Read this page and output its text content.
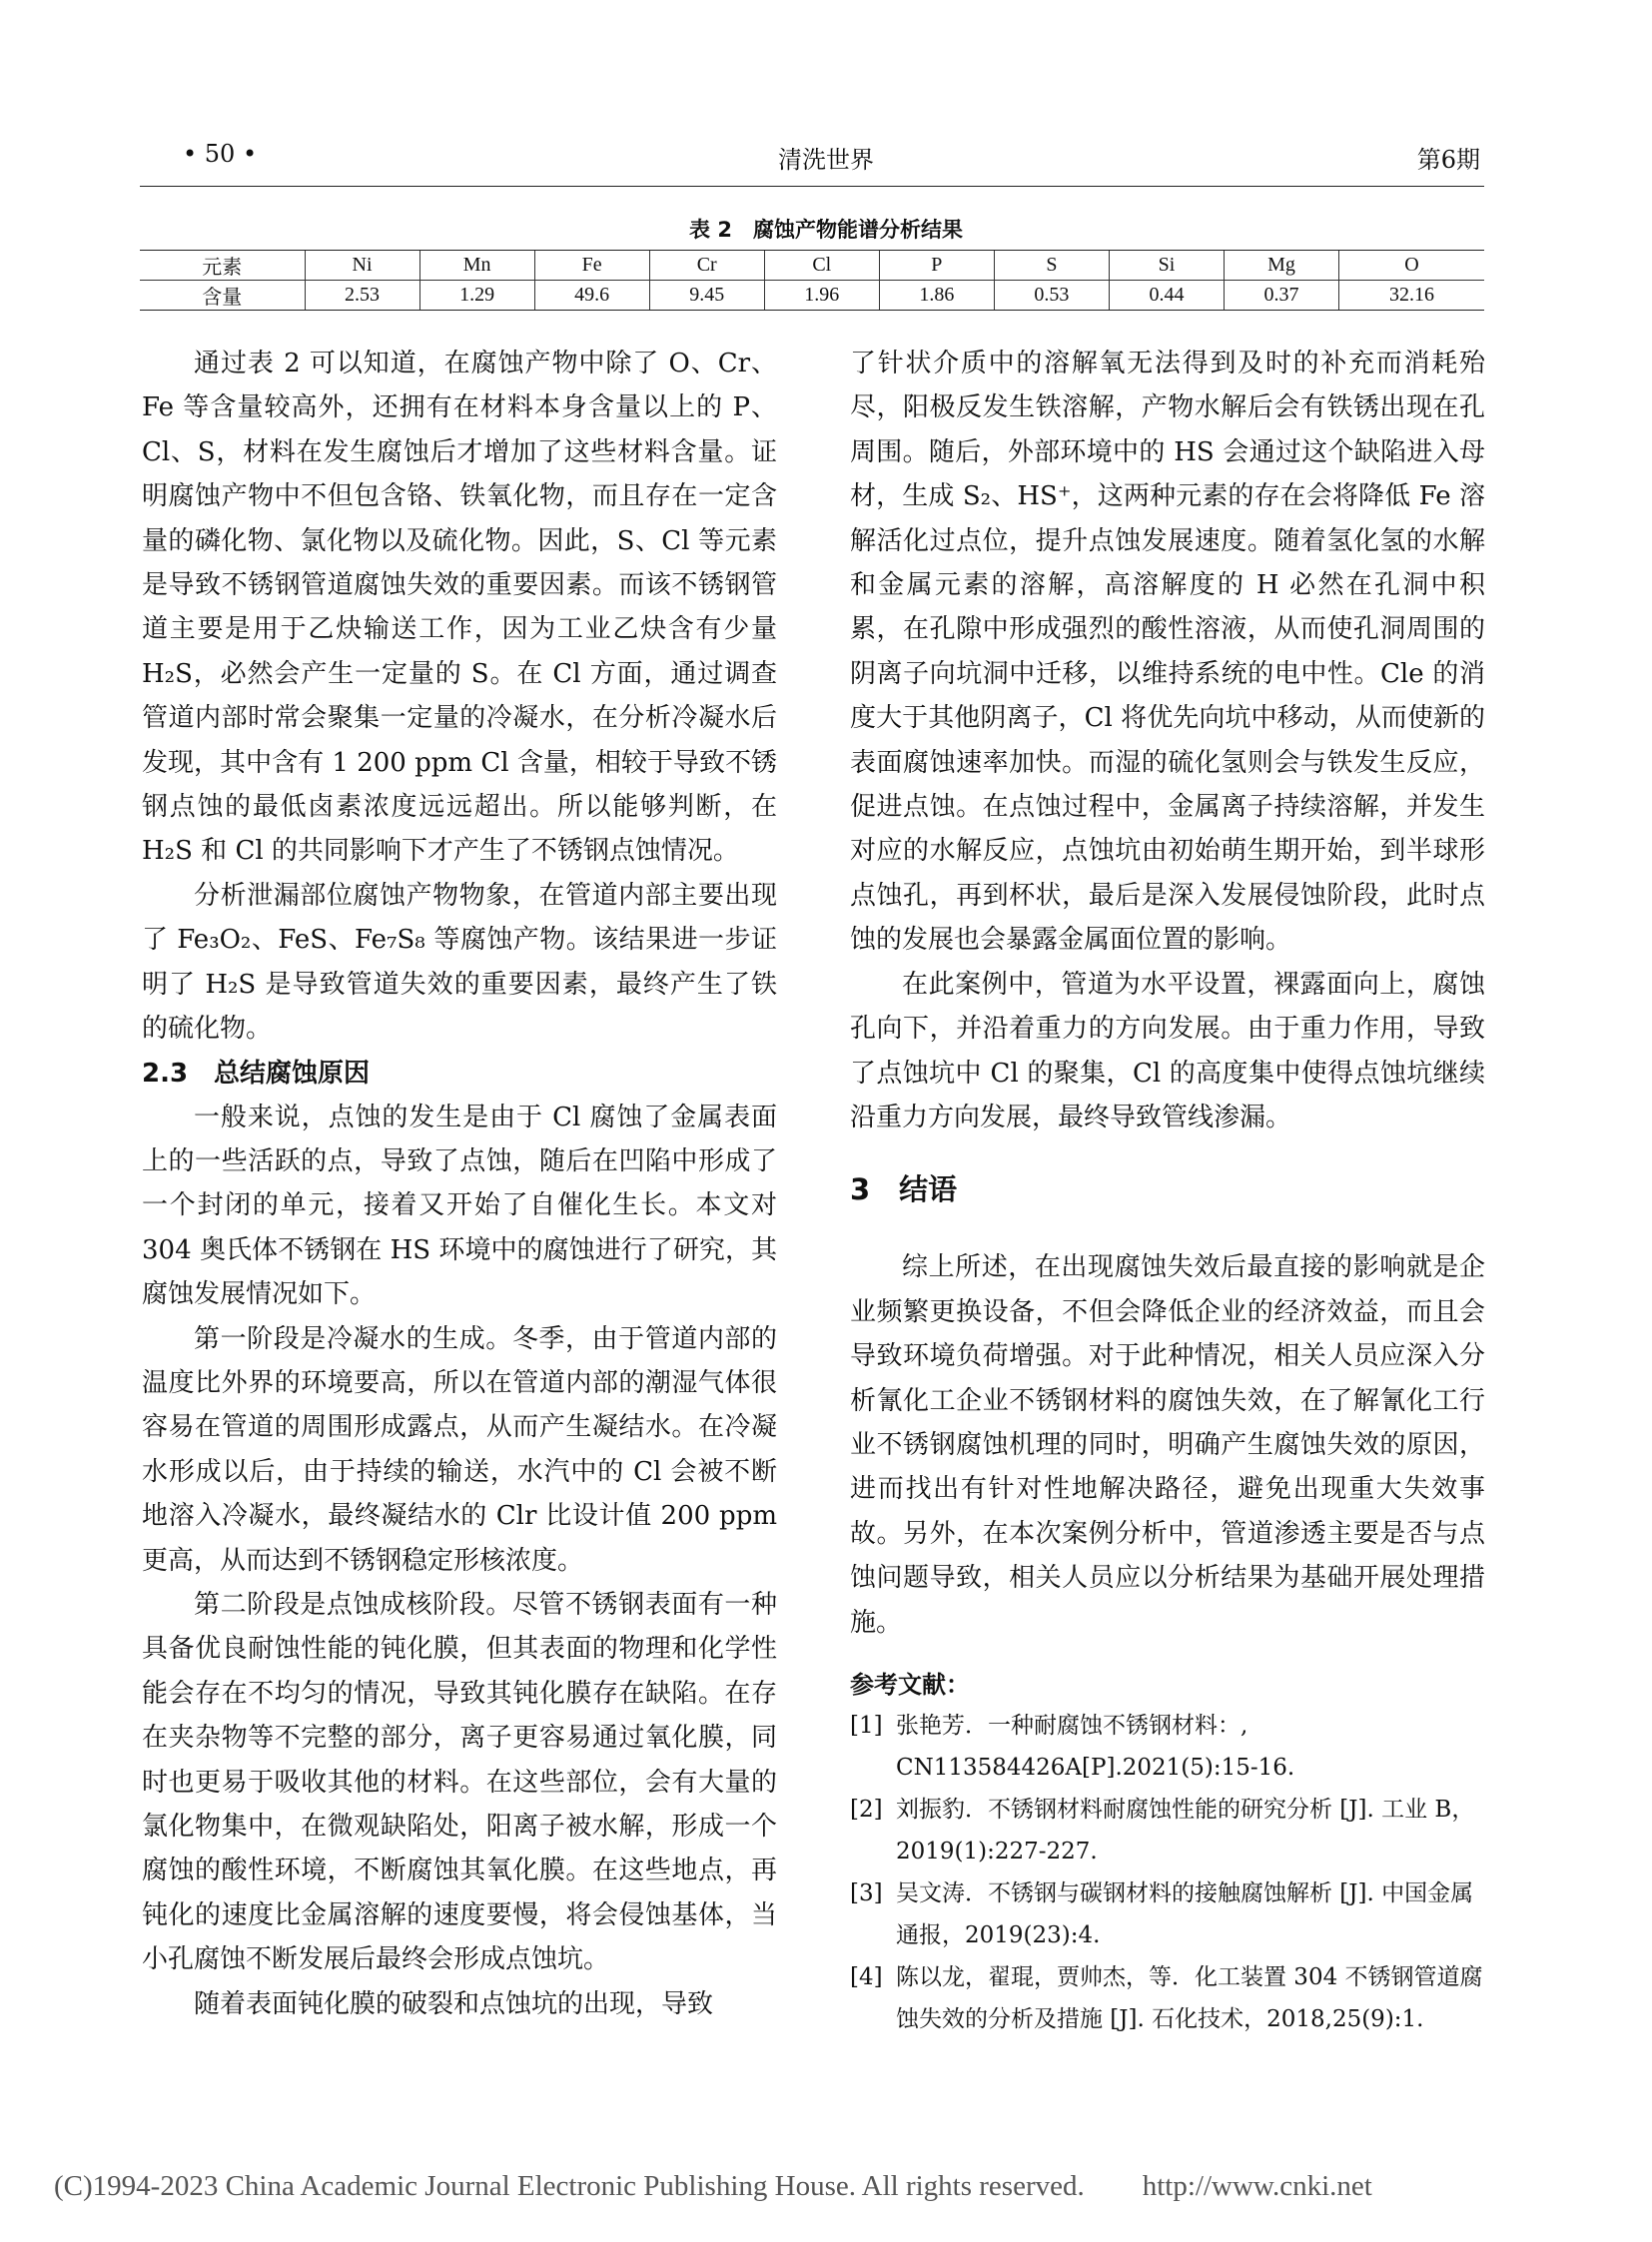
• 50 •	清洗世界	第6期
表 2　腐蚀产物能谱分析结果
元素	Ni	Mn	Fe	Cr	Cl	P	S	Si	Mg	O
含量	2.53	1.29	49.6	9.45	1.96	1.86	0.53	0.44	0.37	32.16

通过表 2 可以知道，在腐蚀产物中除了 O、Cr、Fe 等含量较高外，还拥有在材料本身含量以上的 P、Cl、S，材料在发生腐蚀后才增加了这些材料含量。证明腐蚀产物中不但包含铬、铁氧化物，而且存在一定含量的磷化物、氯化物以及硫化物。因此，S、Cl 等元素是导致不锈钢管道腐蚀失效的重要因素。而该不锈钢管道主要是用于乙炔输送工作，因为工业乙炔含有少量 H₂S，必然会产生一定量的 S。在 Cl 方面，通过调查管道内部时常会聚集一定量的冷凝水，在分析冷凝水后发现，其中含有 1 200 ppm Cl 含量，相较于导致不锈钢点蚀的最低卤素浓度远远超出。所以能够判断，在 H₂S 和 Cl 的共同影响下才产生了不锈钢点蚀情况。

分析泄漏部位腐蚀产物物象，在管道内部主要出现了 Fe₃O₂、FeS、Fe₇S₈ 等腐蚀产物。该结果进一步证明了 H₂S 是导致管道失效的重要因素，最终产生了铁的硫化物。

2.3　总结腐蚀原因

一般来说，点蚀的发生是由于 Cl 腐蚀了金属表面上的一些活跃的点，导致了点蚀，随后在凹陷中形成了一个封闭的单元，接着又开始了自催化生长。本文对 304 奥氏体不锈钢在 HS 环境中的腐蚀进行了研究，其腐蚀发展情况如下。

第一阶段是冷凝水的生成。冬季，由于管道内部的温度比外界的环境要高，所以在管道内部的潮湿气体很容易在管道的周围形成露点，从而产生凝结水。在冷凝水形成以后，由于持续的输送，水汽中的 Cl 会被不断地溶入冷凝水，最终凝结水的 Clr 比设计值 200 ppm 更高，从而达到不锈钢稳定形核浓度。

第二阶段是点蚀成核阶段。尽管不锈钢表面有一种具备优良耐蚀性能的钝化膜，但其表面的物理和化学性能会存在不均匀的情况，导致其钝化膜存在缺陷。在存在夹杂物等不完整的部分，离子更容易通过氧化膜，同时也更易于吸收其他的材料。在这些部位，会有大量的氯化物集中，在微观缺陷处，阳离子被水解，形成一个腐蚀的酸性环境，不断腐蚀其氧化膜。在这些地点，再钝化的速度比金属溶解的速度要慢，将会侵蚀基体，当小孔腐蚀不断发展后最终会形成点蚀坑。

随着表面钝化膜的破裂和点蚀坑的出现，导致

了针状介质中的溶解氧无法得到及时的补充而消耗殆尽，阳极反发生铁溶解，产物水解后会有铁锈出现在孔周围。随后，外部环境中的 HS 会通过这个缺陷进入母材，生成 S₂、HS⁺，这两种元素的存在会将降低 Fe 溶解活化过点位，提升点蚀发展速度。随着氢化氢的水解和金属元素的溶解，高溶解度的 H 必然在孔洞中积累，在孔隙中形成强烈的酸性溶液，从而使孔洞周围的阴离子向坑洞中迁移，以维持系统的电中性。Cle 的消度大于其他阴离子，Cl 将优先向坑中移动，从而使新的表面腐蚀速率加快。而湿的硫化氢则会与铁发生反应，促进点蚀。在点蚀过程中，金属离子持续溶解，并发生对应的水解反应，点蚀坑由初始萌生期开始，到半球形点蚀孔，再到杯状，最后是深入发展侵蚀阶段，此时点蚀的发展也会暴露金属面位置的影响。

在此案例中，管道为水平设置，裸露面向上，腐蚀孔向下，并沿着重力的方向发展。由于重力作用，导致了点蚀坑中 Cl 的聚集，Cl 的高度集中使得点蚀坑继续沿重力方向发展，最终导致管线渗漏。

3　结语

综上所述，在出现腐蚀失效后最直接的影响就是企业频繁更换设备，不但会降低企业的经济效益，而且会导致环境负荷增强。对于此种情况，相关人员应深入分析氰化工企业不锈钢材料的腐蚀失效，在了解氰化工行业不锈钢腐蚀机理的同时，明确产生腐蚀失效的原因，进而找出有针对性地解决路径，避免出现重大失效事故。另外，在本次案例分析中，管道渗透主要是否与点蚀问题导致，相关人员应以分析结果为基础开展处理措施。

参考文献：
[1] 张艳芳．一种耐腐蚀不锈钢材料：, CN113584426A[P].2021(5):15-16.
[2] 刘振豹．不锈钢材料耐腐蚀性能的研究分析 [J]. 工业 B，2019(1):227-227.
[3] 吴文涛．不锈钢与碳钢材料的接触腐蚀解析 [J]. 中国金属通报，2019(23):4.
[4] 陈以龙，翟琨，贾帅杰，等．化工装置 304 不锈钢管道腐蚀失效的分析及措施 [J]. 石化技术，2018,25(9):1.
(C)1994-2023 China Academic Journal Electronic Publishing House. All rights reserved.　　http://www.cnki.net
